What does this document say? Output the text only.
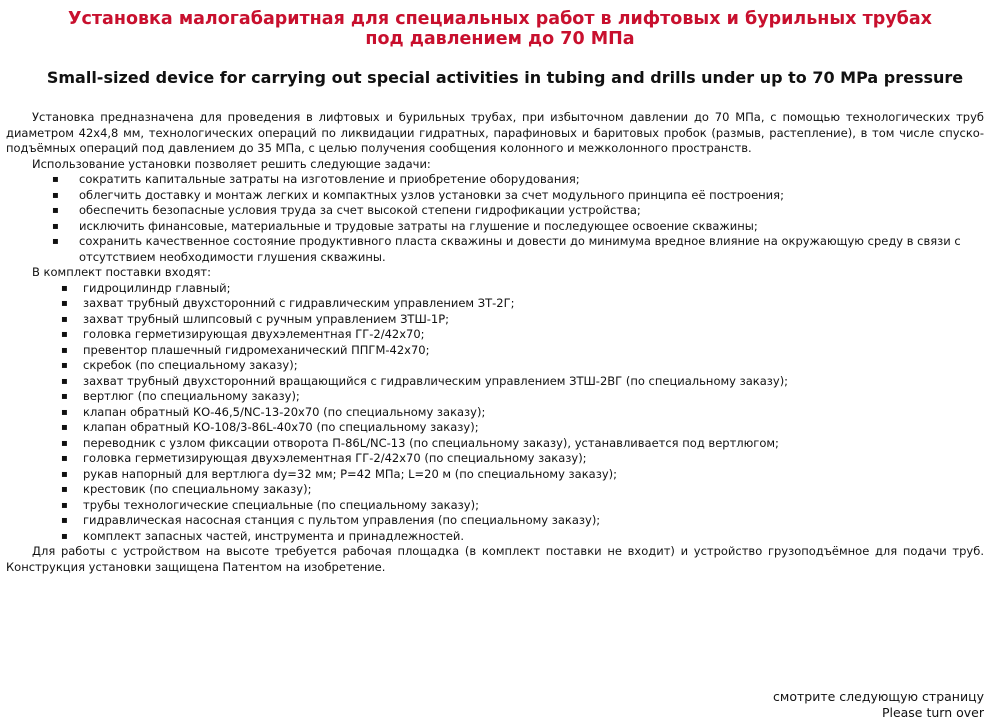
Установка малогабаритная для специальных работ в лифтовых и бурильных трубах под давлением до 70 МПа
Small-sized device for carrying out special activities in tubing and drills under up to 70 MPa pressure

Установка предназначена для проведения в лифтовых и бурильных трубах, при избыточном давлении до 70 МПа, с помощью технологических труб диаметром 42х4,8 мм, технологических операций по ликвидации гидратных, парафиновых и баритовых пробок (размыв, растепление), в том числе спуско-подъёмных операций под давлением до 35 МПа, с целью получения сообщения колонного и межколонного пространств.

Использование установки позволяет решить следующие задачи:

▪ сократить капитальные затраты на изготовление и приобретение оборудования;
▪ облегчить доставку и монтаж легких и компактных узлов установки за счет модульного принципа её построения;
▪ обеспечить безопасные условия труда за счет высокой степени гидрофикации устройства;
▪ исключить финансовые, материальные и трудовые затраты на глушение и последующее освоение скважины;
▪ сохранить качественное состояние продуктивного пласта скважины и довести до минимума вредное влияние на окружающую среду в связи с отсутствием необходимости глушения скважины.

В комплект поставки входят:

▪ гидроцилиндр главный;
▪ захват трубный двухсторонний с гидравлическим управлением ЗТ-2Г;
▪ захват трубный шлипсовый с ручным управлением ЗТШ-1Р;
▪ головка герметизирующая двухэлементная ГГ-2/42х70;
▪ превентор плашечный гидромеханический ППГМ-42х70;
▪ скребок (по специальному заказу);
▪ захват трубный двухсторонний вращающийся с гидравлическим управлением ЗТШ-2ВГ (по специальному заказу);
▪ вертлюг (по специальному заказу);
▪ клапан обратный КО-46,5/NC-13-20х70 (по специальному заказу);
▪ клапан обратный КО-108/3-86L-40х70 (по специальному заказу);
▪ переводник с узлом фиксации отворота П-86L/NC-13 (по специальному заказу), устанавливается под вертлюгом;
▪ головка герметизирующая двухэлементная ГГ-2/42х70 (по специальному заказу);
▪ рукав напорный для вертлюга dy=32 мм; P=42 МПа; L=20 м (по специальному заказу);
▪ крестовик (по специальному заказу);
▪ трубы технологические специальные (по специальному заказу);
▪ гидравлическая насосная станция с пультом управления (по специальному заказу);
▪ комплект запасных частей, инструмента и принадлежностей.

Для работы с устройством на высоте требуется рабочая площадка (в комплект поставки не входит) и устройство грузоподъёмное для подачи труб. Конструкция установки защищена Патентом на изобретение.

смотрите следующую страницу
Please turn over
